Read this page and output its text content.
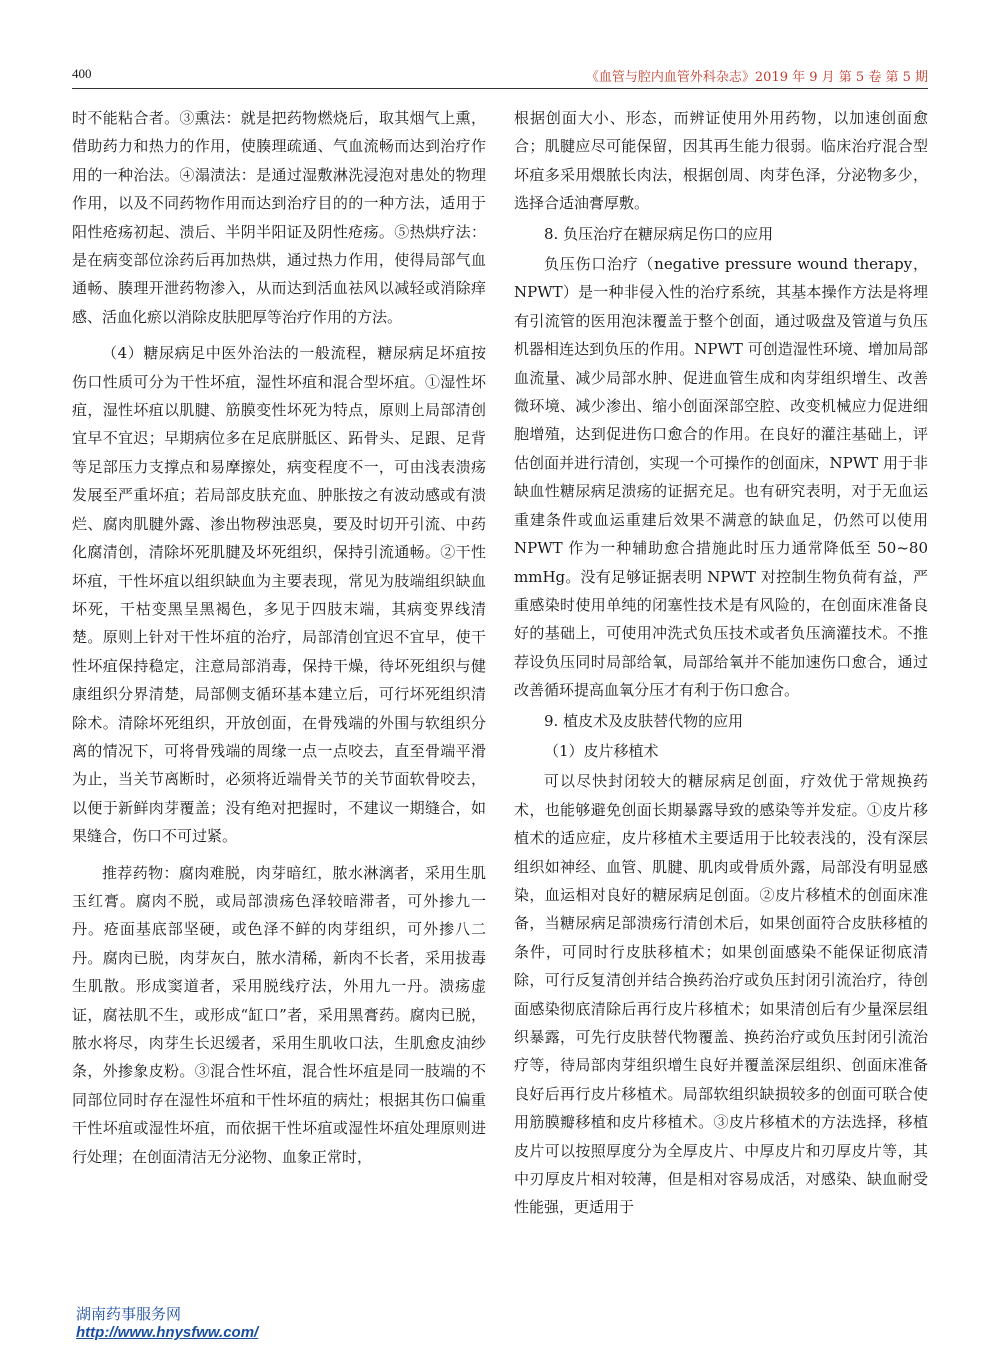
400	《血管与腔内血管外科杂志》2019 年 9 月 第 5 卷 第 5 期

时不能粘合者。③熏法：就是把药物燃烧后，取其烟气上熏，借助药力和热力的作用，使腠理疏通、气血流畅而达到治疗作用的一种治法。④溻渍法：是通过湿敷淋洗浸泡对患处的物理作用，以及不同药物作用而达到治疗目的的一种方法，适用于阳性疮疡初起、溃后、半阴半阳证及阴性疮疡。⑤热烘疗法：是在病变部位涂药后再加热烘，通过热力作用，使得局部气血通畅、腠理开泄药物渗入，从而达到活血祛风以减轻或消除痒感、活血化瘀以消除皮肤肥厚等治疗作用的方法。

（4）糖尿病足中医外治法的一般流程，糖尿病足坏疽按伤口性质可分为干性坏疽，湿性坏疽和混合型坏疽。①湿性坏疽，湿性坏疽以肌腱、筋膜变性坏死为特点，原则上局部清创宜早不宜迟；早期病位多在足底胼胝区、跖骨头、足跟、足背等足部压力支撑点和易摩擦处，病变程度不一，可由浅表溃疡发展至严重坏疽；若局部皮肤充血、肿胀按之有波动感或有溃烂、腐肉肌腱外露、渗出物秽浊恶臭，要及时切开引流、中药化腐清创，清除坏死肌腱及坏死组织，保持引流通畅。②干性坏疽，干性坏疽以组织缺血为主要表现，常见为肢端组织缺血坏死，干枯变黑呈黑褐色，多见于四肢末端，其病变界线清楚。原则上针对干性坏疽的治疗，局部清创宜迟不宜早，使干性坏疽保持稳定，注意局部消毒，保持干燥，待坏死组织与健康组织分界清楚，局部侧支循环基本建立后，可行坏死组织清除术。清除坏死组织，开放创面，在骨残端的外围与软组织分离的情况下，可将骨残端的周缘一点一点咬去，直至骨端平滑为止，当关节离断时，必须将近端骨关节的关节面软骨咬去，以便于新鲜肉芽覆盖；没有绝对把握时，不建议一期缝合，如果缝合，伤口不可过紧。

推荐药物：腐肉难脱，肉芽暗红，脓水淋漓者，采用生肌玉红膏。腐肉不脱，或局部溃疡色泽较暗滞者，可外掺九一丹。疮面基底部坚硬，或色泽不鲜的肉芽组织，可外掺八二丹。腐肉已脱，肉芽灰白，脓水清稀，新肉不长者，采用拔毒生肌散。形成窦道者，采用脱线疗法，外用九一丹。溃疡虚证，腐祛肌不生，或形成“缸口”者，采用黑膏药。腐肉已脱，脓水将尽，肉芽生长迟缓者，采用生肌收口法，生肌愈皮油纱条，外掺象皮粉。③混合性坏疽，混合性坏疽是同一肢端的不同部位同时存在湿性坏疽和干性坏疽的病灶；根据其伤口偏重干性坏疽或湿性坏疽，而依据干性坏疽或湿性坏疽处理原则进行处理；在创面清洁无分泌物、血象正常时，

根据创面大小、形态，而辨证使用外用药物，以加速创面愈合；肌腱应尽可能保留，因其再生能力很弱。临床治疗混合型坏疽多采用煨脓长肉法，根据创周、肉芽色泽，分泌物多少，选择合适油膏厚敷。

8. 负压治疗在糖尿病足伤口的应用

负压伤口治疗（negative pressure wound therapy，NPWT）是一种非侵入性的治疗系统，其基本操作方法是将埋有引流管的医用泡沫覆盖于整个创面，通过吸盘及管道与负压机器相连达到负压的作用。NPWT 可创造湿性环境、增加局部血流量、减少局部水肿、促进血管生成和肉芽组织增生、改善微环境、减少渗出、缩小创面深部空腔、改变机械应力促进细胞增殖，达到促进伤口愈合的作用。在良好的灌注基础上，评估创面并进行清创，实现一个可操作的创面床，NPWT 用于非缺血性糖尿病足溃疡的证据充足。也有研究表明，对于无血运重建条件或血运重建后效果不满意的缺血足，仍然可以使用 NPWT 作为一种辅助愈合措施此时压力通常降低至 50~80 mmHg。没有足够证据表明 NPWT 对控制生物负荷有益，严重感染时使用单纯的闭塞性技术是有风险的，在创面床准备良好的基础上，可使用冲洗式负压技术或者负压滴灌技术。不推荐设负压同时局部给氧，局部给氧并不能加速伤口愈合，通过改善循环提高血氧分压才有利于伤口愈合。

9. 植皮术及皮肤替代物的应用

（1）皮片移植术

可以尽快封闭较大的糖尿病足创面，疗效优于常规换药术，也能够避免创面长期暴露导致的感染等并发症。①皮片移植术的适应症，皮片移植术主要适用于比较表浅的，没有深层组织如神经、血管、肌腱、肌肉或骨质外露，局部没有明显感染，血运相对良好的糖尿病足创面。②皮片移植术的创面床准备，当糖尿病足部溃疡行清创术后，如果创面符合皮肤移植的条件，可同时行皮肤移植术；如果创面感染不能保证彻底清除，可行反复清创并结合换药治疗或负压封闭引流治疗，待创面感染彻底清除后再行皮片移植术；如果清创后有少量深层组织暴露，可先行皮肤替代物覆盖、换药治疗或负压封闭引流治疗等，待局部肉芽组织增生良好并覆盖深层组织、创面床准备良好后再行皮片移植术。局部软组织缺损较多的创面可联合使用筋膜瓣移植和皮片移植术。③皮片移植术的方法选择，移植皮片可以按照厚度分为全厚皮片、中厚皮片和刃厚皮片等，其中刃厚皮片相对较薄，但是相对容易成活，对感染、缺血耐受性能强，更适用于

湖南药事服务网
http://www.hnysfww.com/
